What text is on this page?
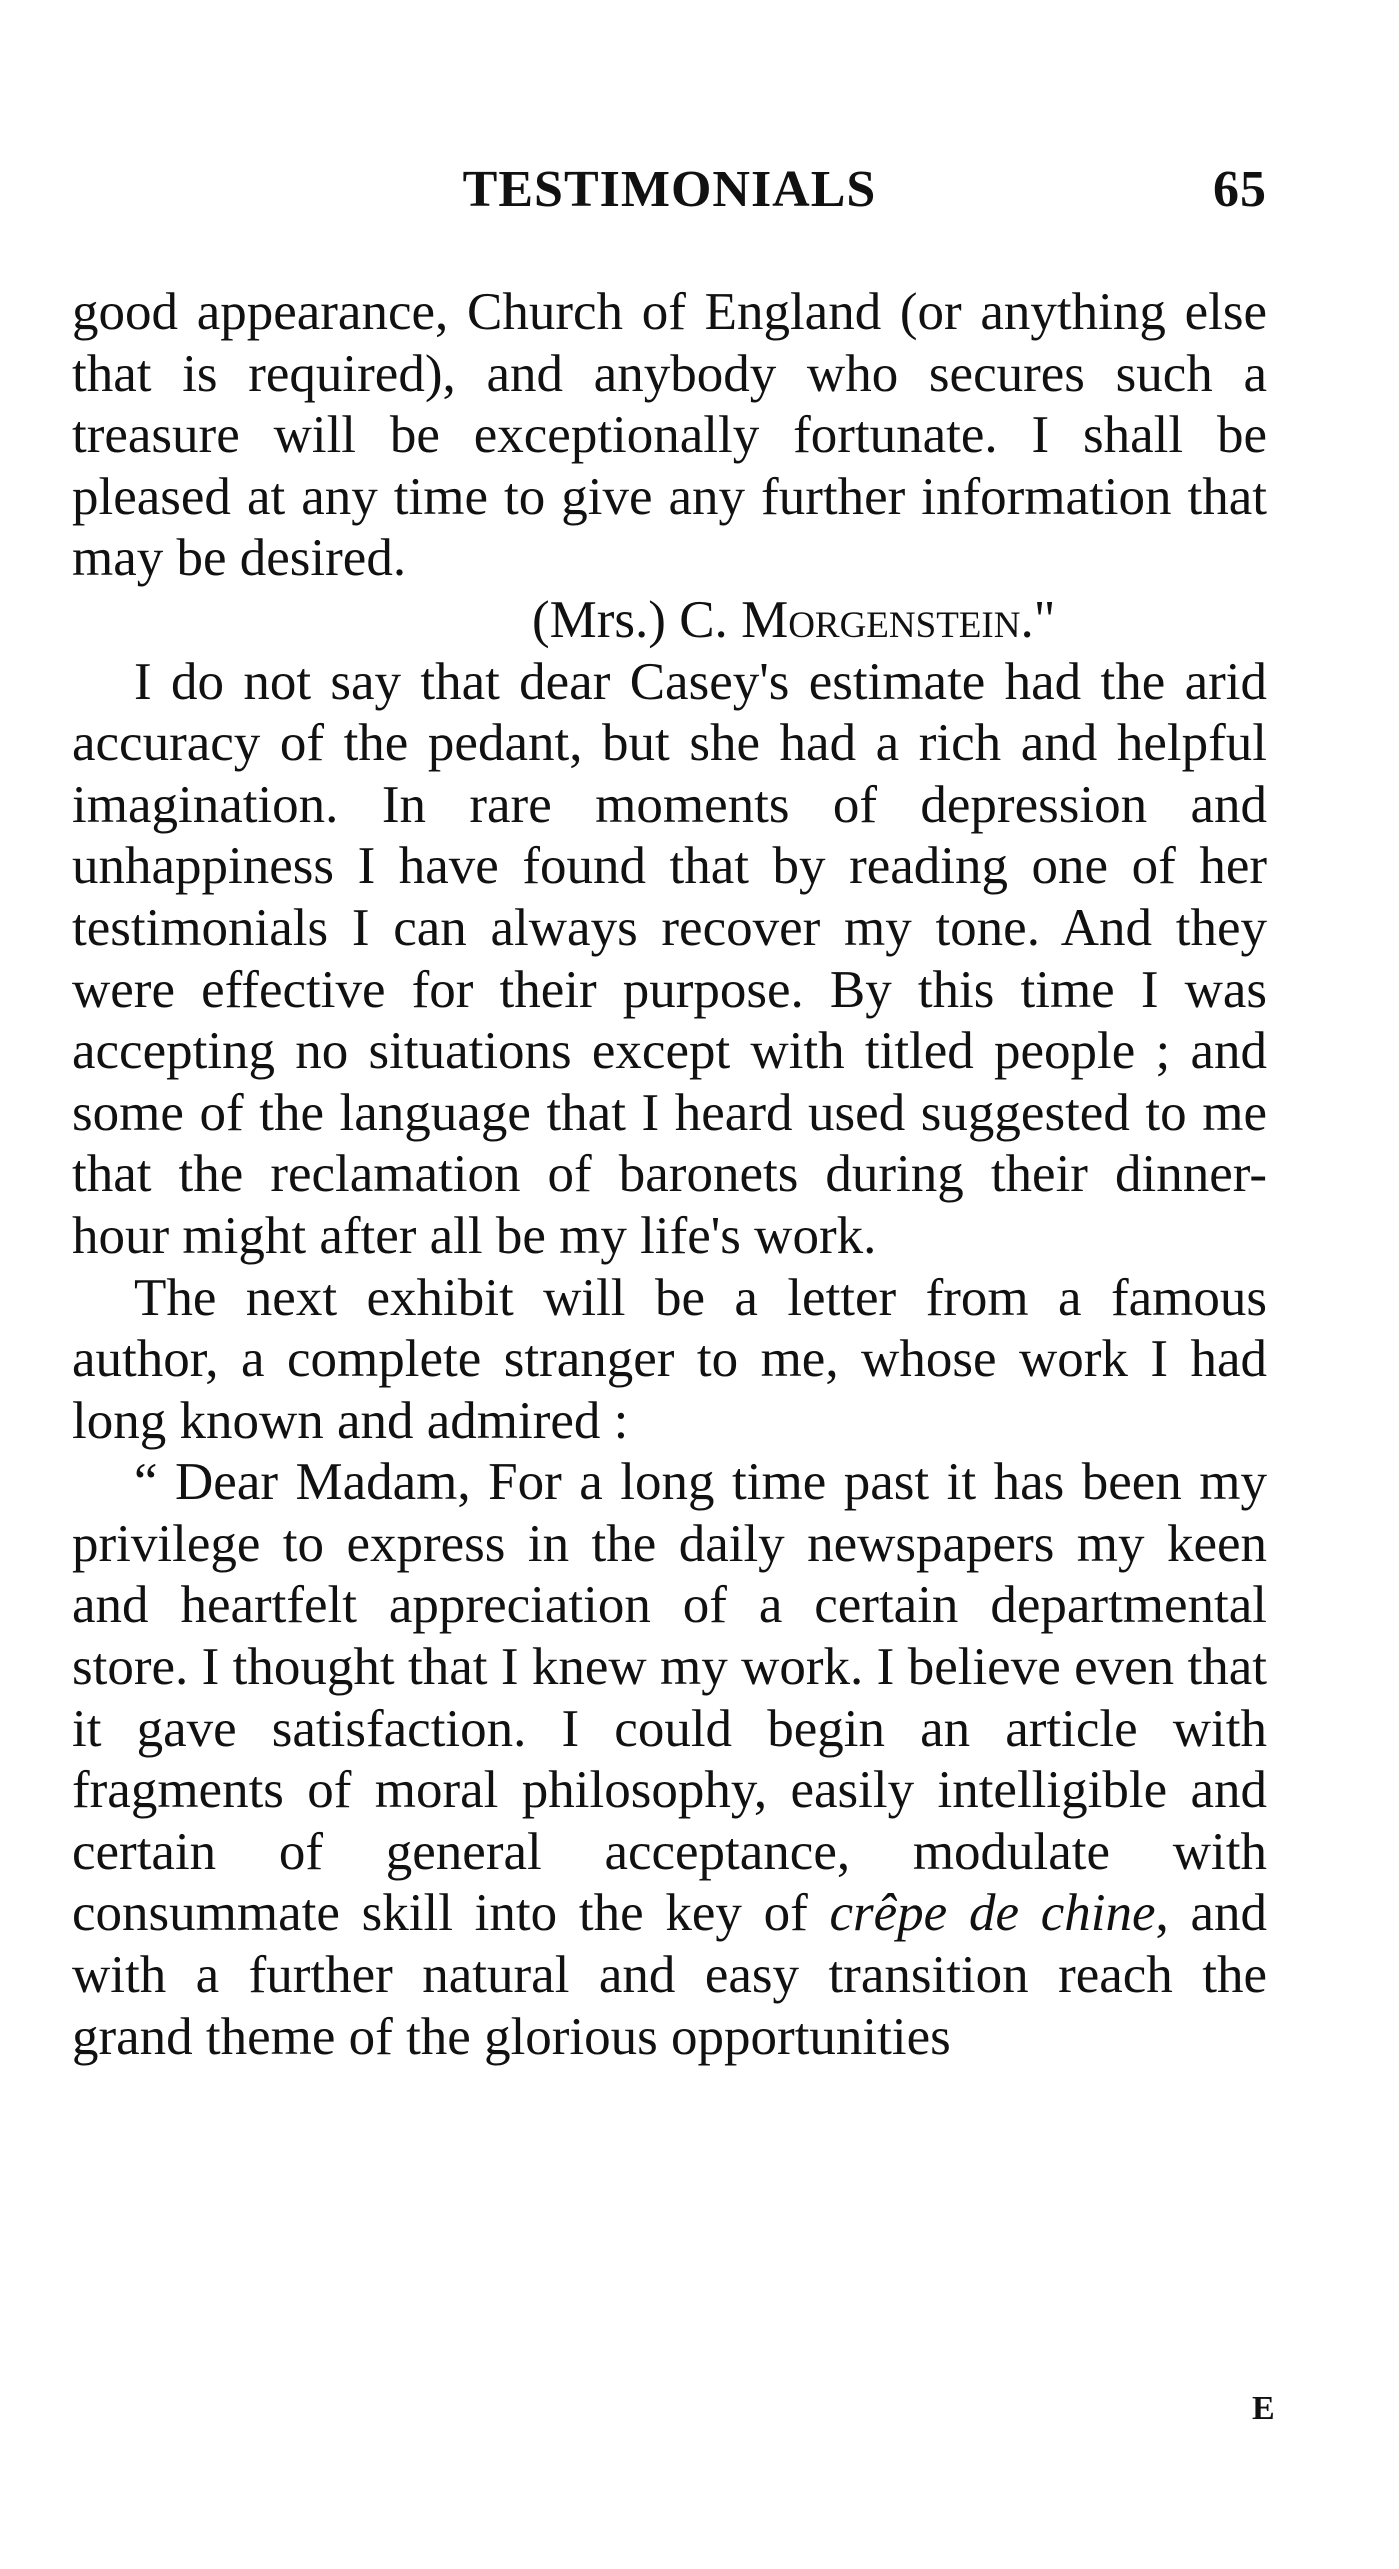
TESTIMONIALS	65

good appearance, Church of England (or anything else that is required), and anybody who secures such a treasure will be exceptionally fortunate. I shall be pleased at any time to give any further information that may be desired.

(Mrs.) C. Morgenstein."

I do not say that dear Casey's estimate had the arid accuracy of the pedant, but she had a rich and helpful imagination. In rare moments of depression and unhappiness I have found that by reading one of her testimonials I can always recover my tone. And they were effective for their purpose. By this time I was accepting no situations except with titled people ; and some of the language that I heard used suggested to me that the reclamation of baronets during their dinner-hour might after all be my life's work.

The next exhibit will be a letter from a famous author, a complete stranger to me, whose work I had long known and admired :

“ Dear Madam, For a long time past it has been my privilege to express in the daily newspapers my keen and heartfelt appreciation of a certain departmental store. I thought that I knew my work. I believe even that it gave satisfaction. I could begin an article with fragments of moral philosophy, easily intelligible and certain of general acceptance, modulate with consummate skill into the key of crêpe de chine, and with a further natural and easy transition reach the grand theme of the glorious opportunities

E
